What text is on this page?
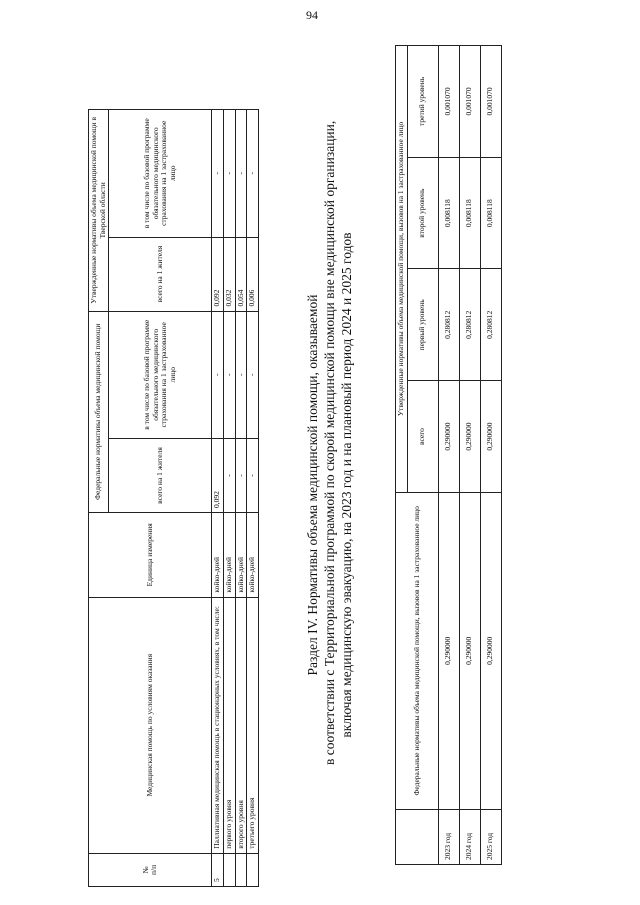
94
№
п/п	Медицинская помощь по условиям оказания	Единица измерения	Федеральные нормативы объема медицинской помощи		Утвержденные нормативы объема медицинской помощи в Тверской области	
			всего на 1 жителя	в том числе по базовой программе обязательного медицинского страхования на 1 застрахованное лицо	всего на 1 жителя	в том числе по базовой программе обязательного медицинского страхования на 1 застрахованное лицо
5	Паллиативная медицинская помощь в стационарных условиях, в том числе:	койко-дней	0,092	-	0,092	-
	первого уровня	койко-дней	-	-	0,032	-
	второго уровня	койко-дней	-	-	0,054	-
	третьего уровня	койко-дней	-	-	0,006	-
Раздел IV. Нормативы объема медицинской помощи, оказываемой в соответствии с Территориальной программой по скорой медицинской помощи вне медицинской организации, включая медицинскую эвакуацию, на 2023 год и на плановый период 2024 и 2025 годов
		Федеральные нормативы объема медицинской помощи, вызовов на 1 застрахованное лицо	Утвержденные нормативы объема медицинской помощи, вызовов на 1 застрахованное лицо			
		всего	первый уровень	второй уровень	третий уровень
2023 год	0,290000	0,290000	0,280812	0,008118	0,001070
2024 год	0,290000	0,290000	0,280812	0,008118	0,001070
2025 год	0,290000	0,290000	0,280812	0,008118	0,001070
